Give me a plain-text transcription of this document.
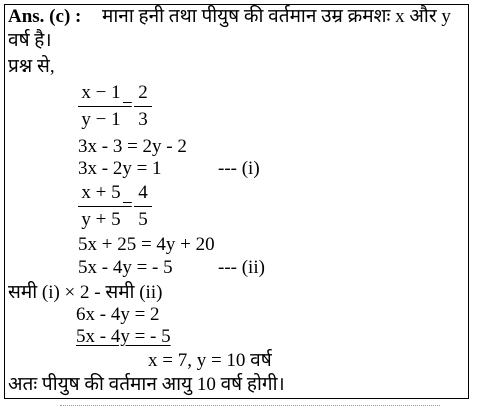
Ans. (c) : माना हनी तथा पीयुष की वर्तमान उम्र क्रमशः x और y
वर्ष है।
प्रश्न से,
x − 1
y − 1
=
2
3
3x - 3 = 2y - 2
3x - 2y = 1	--- (i)
x + 5
y + 5
=
4
5
5x + 25 = 4y + 20
5x - 4y = - 5 --- (ii)
समी (i) × 2 - समी (ii)
6x - 4y = 2
5x - 4y = - 5
x = 7, y = 10 वर्ष
अतः पीयुष की वर्तमान आयु 10 वर्ष होगी।
